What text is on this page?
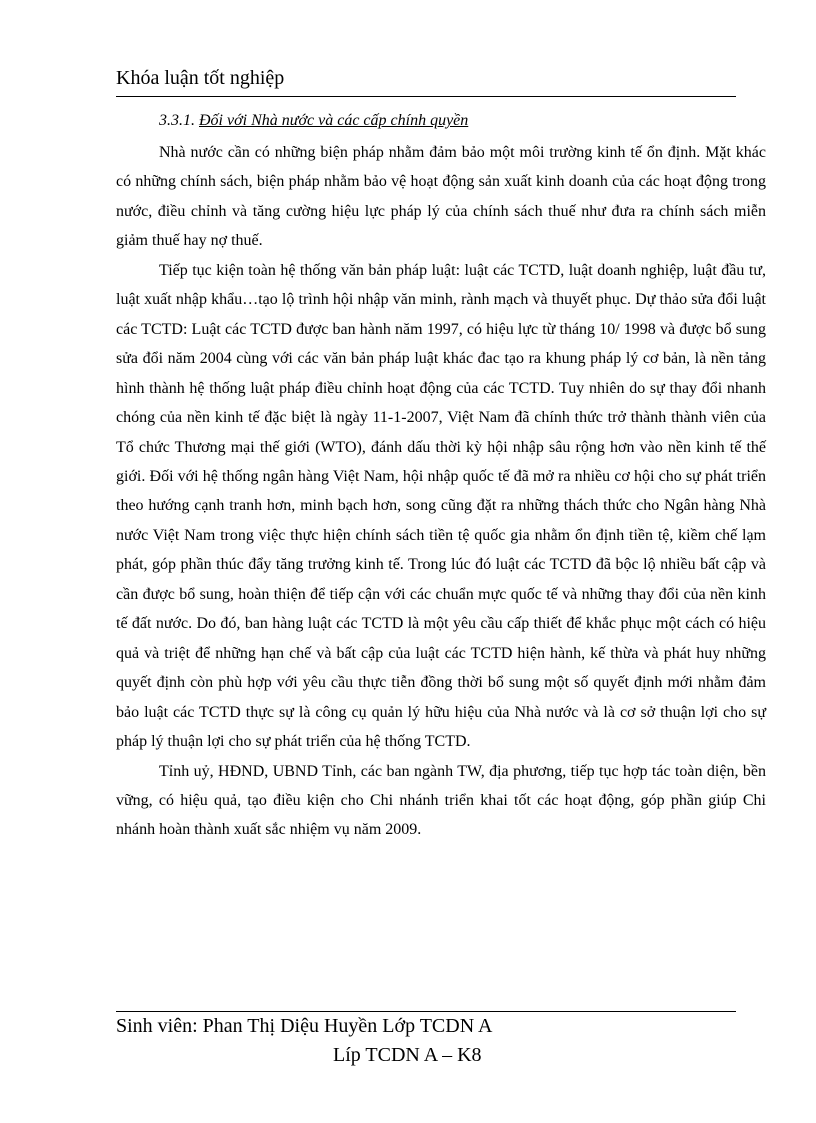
Khóa luận tốt nghiệp

3.3.1. Đối với Nhà nước và các cấp chính quyền

Nhà nước cần có những biện pháp nhằm đảm bảo một môi trường kinh tế ổn định. Mặt khác có những chính sách, biện pháp nhằm bảo vệ hoạt động sản xuất kinh doanh của các hoạt động trong nước, điều chỉnh và tăng cường hiệu lực pháp lý của chính sách thuế như đưa ra chính sách miễn giảm thuế hay nợ thuế.

Tiếp tục kiện toàn hệ thống văn bản pháp luật: luật các TCTD, luật doanh nghiệp, luật đầu tư, luật xuất nhập khẩu…tạo lộ trình hội nhập văn minh, rành mạch và thuyết phục. Dự thảo sửa đổi luật các TCTD: Luật các TCTD được ban hành năm 1997, có hiệu lực từ tháng 10/ 1998 và được bổ sung sửa đổi năm 2004 cùng với các văn bản pháp luật khác đac tạo ra khung pháp lý cơ bản, là nền tảng hình thành hệ thống luật pháp điều chỉnh hoạt động của các TCTD. Tuy nhiên do sự thay đổi nhanh chóng của nền kinh tế đặc biệt là ngày 11-1-2007, Việt Nam đã chính thức trở thành thành viên của Tổ chức Thương mại thế giới (WTO), đánh dấu thời kỳ hội nhập sâu rộng hơn vào nền kinh tế thế giới. Đối với hệ thống ngân hàng Việt Nam, hội nhập quốc tế đã mở ra nhiều cơ hội cho sự phát triển theo hướng cạnh tranh hơn, minh bạch hơn, song cũng đặt ra những thách thức cho Ngân hàng Nhà nước Việt Nam trong việc thực hiện chính sách tiền tệ quốc gia nhằm ổn định tiền tệ, kiềm chế lạm phát, góp phần thúc đẩy tăng trưởng kinh tế. Trong lúc đó luật các TCTD đã bộc lộ nhiều bất cập và cần được bổ sung, hoàn thiện để tiếp cận với các chuẩn mực quốc tế và những thay đổi của nền kinh tế đất nước. Do đó, ban hàng luật các TCTD là một yêu cầu cấp thiết để khắc phục một cách có hiệu quả và triệt để những hạn chế và bất cập của luật các TCTD hiện hành, kế thừa và phát huy những quyết định còn phù hợp với yêu cầu thực tiễn đồng thời bổ sung một số quyết định mới nhằm đảm bảo luật các TCTD thực sự là công cụ quản lý hữu hiệu của Nhà nước và là cơ sở thuận lợi cho sự pháp lý thuận lợi cho sự phát triển của hệ thống TCTD.

Tỉnh uỷ, HĐND, UBND Tỉnh, các ban ngành TW, địa phương, tiếp tục hợp tác toàn diện, bền vững, có hiệu quả, tạo điều kiện cho Chi nhánh triển khai tốt các hoạt động, góp phần giúp Chi nhánh hoàn thành xuất sắc nhiệm vụ năm 2009.

Sinh viên: Phan Thị Diệu Huyền Lớp TCDN A
Líp TCDN A – K8
